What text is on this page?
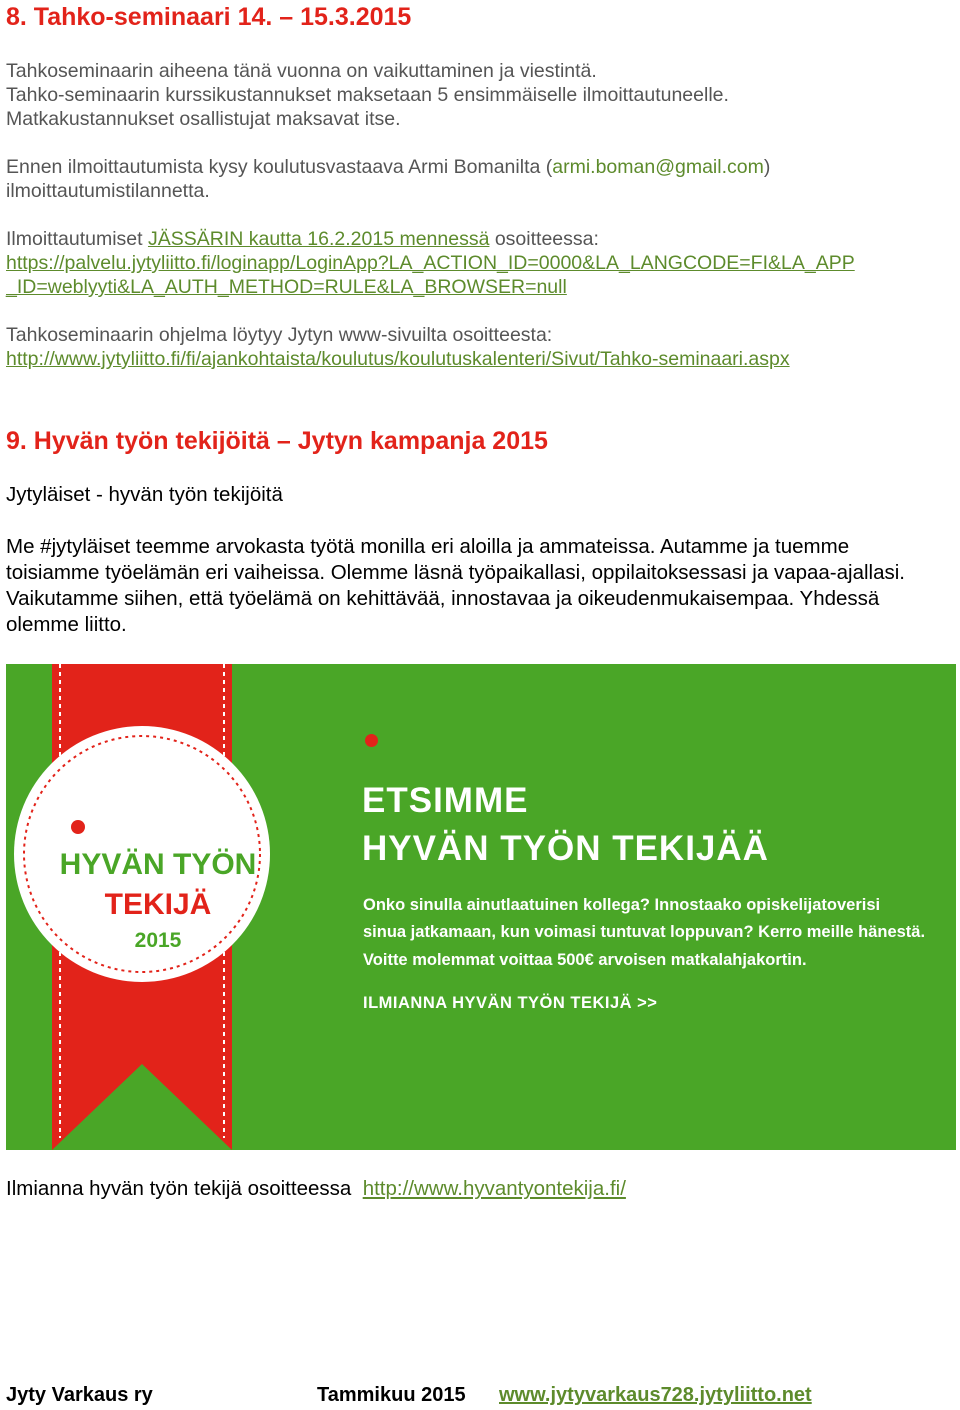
8. Tahko-seminaari 14. – 15.3.2015

Tahkoseminaarin aiheena tänä vuonna on vaikuttaminen ja viestintä.

Tahko-seminaarin kurssikustannukset maksetaan 5 ensimmäiselle ilmoittautuneelle.

Matkakustannukset osallistujat maksavat itse.

Ennen ilmoittautumista kysy koulutusvastaava Armi Bomanilta (armi.boman@gmail.com)

ilmoittautumistilannetta.

Ilmoittautumiset JÄSSÄRIN kautta 16.2.2015 mennessä osoitteessa:

https://palvelu.jytyliitto.fi/loginapp/LoginApp?LA_ACTION_ID=0000&LA_LANGCODE=FI&LA_APP
_ID=weblyyti&LA_AUTH_METHOD=RULE&LA_BROWSER=null

Tahkoseminaarin ohjelma löytyy Jytyn www-sivuilta osoitteesta:

http://www.jytyliitto.fi/fi/ajankohtaista/koulutus/koulutuskalenteri/Sivut/Tahko-seminaari.aspx

9. Hyvän työn tekijöitä – Jytyn kampanja 2015

Jytyläiset - hyvän työn tekijöitä

Me #jytyläiset teemme arvokasta työtä monilla eri aloilla ja ammateissa. Autamme ja tuemme toisiamme työelämän eri vaiheissa. Olemme läsnä työpaikallasi, oppilaitoksessasi ja vapaa-ajallasi. Vaikutamme siihen, että työelämä on kehittävää, innostavaa ja oikeudenmukaisempaa. Yhdessä olemme liitto.

HYVÄN TYÖN
TEKIJÄ
2015
ETSIMME
HYVÄN TYÖN TEKIJÄÄ
Onko sinulla ainutlaatuinen kollega? Innostaako opiskelijatoverisi
sinua jatkamaan, kun voimasi tuntuvat loppuvan? Kerro meille hänestä.
Voitte molemmat voittaa 500€ arvoisen matkalahjakortin.
ILMIANNA HYVÄN TYÖN TEKIJÄ >>

Ilmianna hyvän työn tekijä osoitteessa http://www.hyvantyontekija.fi/

Jyty Varkaus ry	Tammikuu 2015 www.jytyvarkaus728.jytyliitto.net
